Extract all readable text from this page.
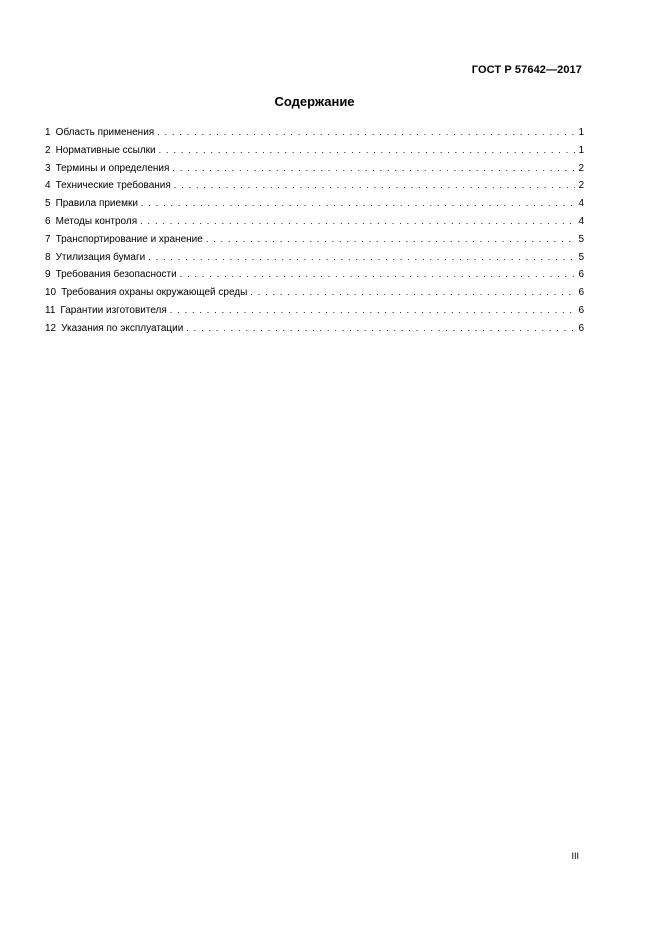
ГОСТ Р 57642—2017
Содержание
1 Область применения . . .	1
2 Нормативные ссылки . . .	1
3 Термины и определения . . .	2
4 Технические требования . . .	2
5 Правила приемки . . .	4
6 Методы контроля . . .	4
7 Транспортирование и хранение . . .	5
8 Утилизация бумаги . . .	5
9 Требования безопасности . . .	6
10 Требования охраны окружающей среды . . .	6
11 Гарантии изготовителя . . .	6
12 Указания по эксплуатации . . .	6
III
